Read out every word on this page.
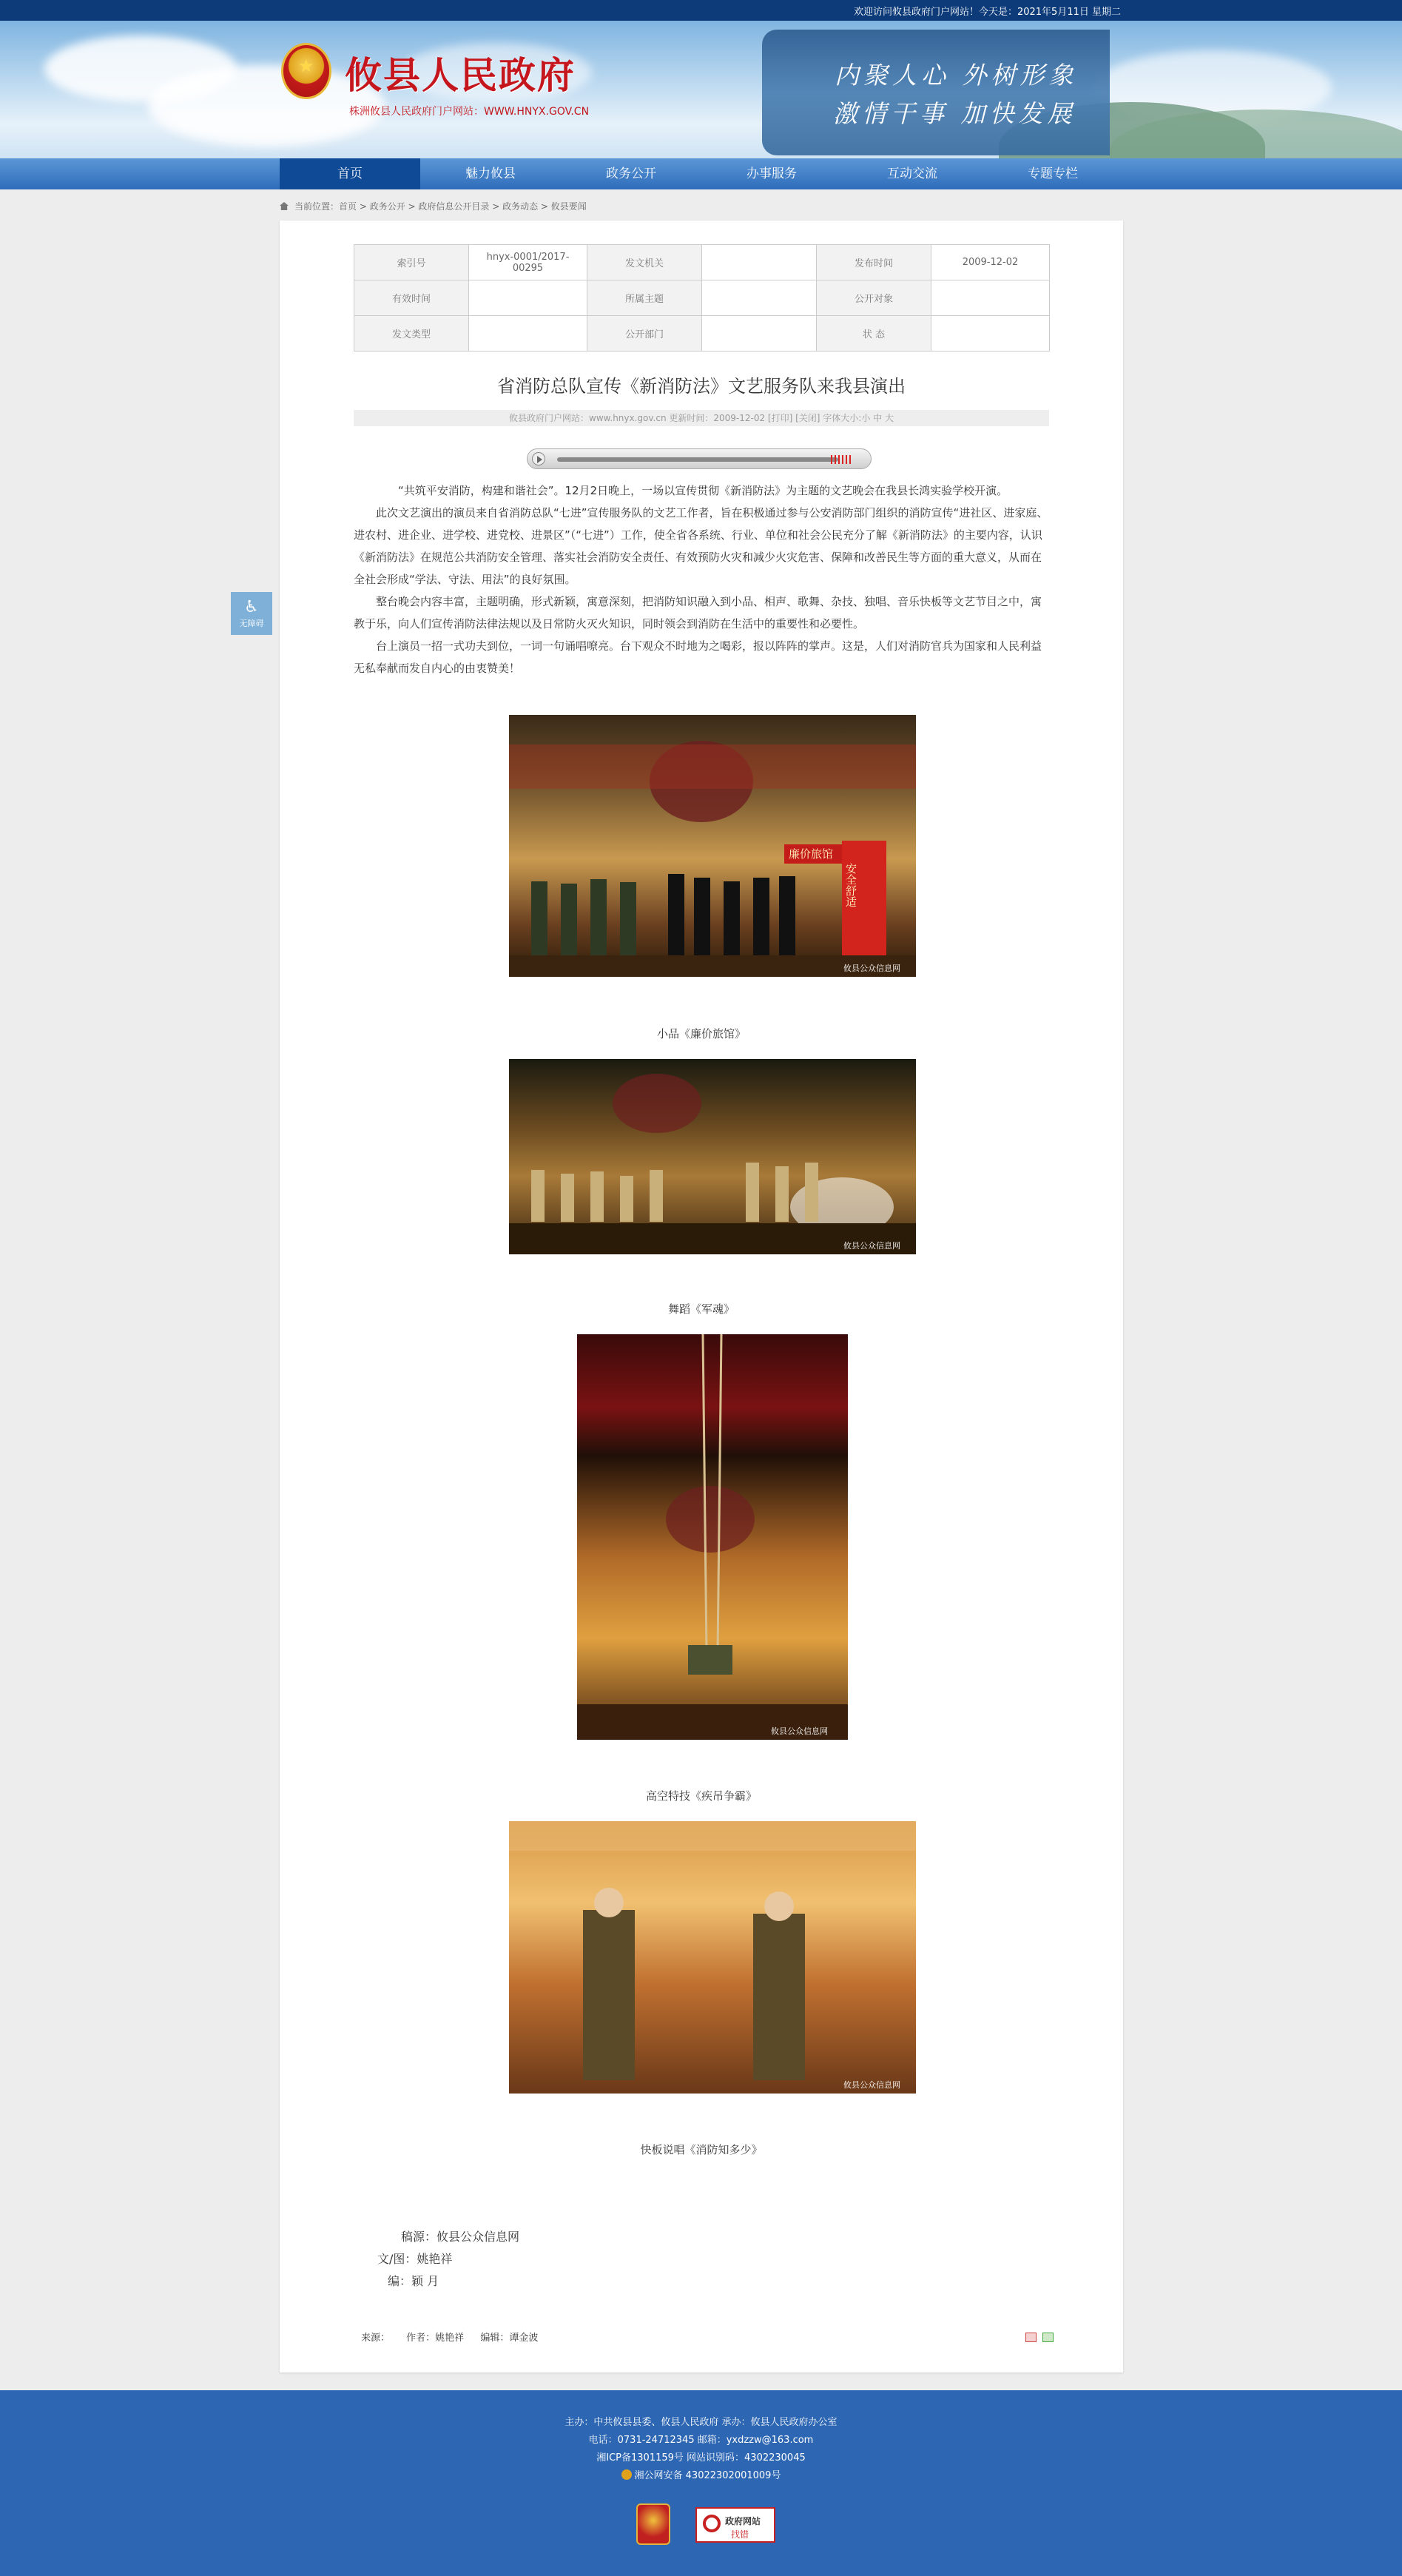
欢迎访问攸县政府门户网站！今天是：2021年5月11日 星期二
★
攸县人民政府
株洲攸县人民政府门户网站：WWW.HNYX.GOV.CN
内聚人心 外树形象
激情干事 加快发展
首页	魅力攸县	政务公开	办事服务	互动交流	专题专栏
当前位置：首页 > 政务公开 > 政府信息公开目录 > 政务动态 > 攸县要闻
♿
无障碍
索引号	hnyx-0001/2017-00295	发文机关		发布时间	2009-12-02
有效时间		所属主题		公开对象	
发文类型		公开部门		状 态	
省消防总队宣传《新消防法》文艺服务队来我县演出
攸县政府门户网站：www.hnyx.gov.cn 更新时间：2009-12-02 [打印] [关闭] 字体大小:小 中 大

“共筑平安消防，构建和谐社会”。12月2日晚上，一场以宣传贯彻《新消防法》为主题的文艺晚会在我县长鸿实验学校开演。

此次文艺演出的演员来自省消防总队“七进”宣传服务队的文艺工作者，旨在积极通过参与公安消防部门组织的消防宣传“进社区、进家庭、进农村、进企业、进学校、进党校、进景区”（“七进”）工作，使全省各系统、行业、单位和社会公民充分了解《新消防法》的主要内容，认识《新消防法》在规范公共消防安全管理、落实社会消防安全责任、有效预防火灾和减少火灾危害、保障和改善民生等方面的重大意义，从而在全社会形成“学法、守法、用法”的良好氛围。

整台晚会内容丰富，主题明确，形式新颖，寓意深刻，把消防知识融入到小品、相声、歌舞、杂技、独唱、音乐快板等文艺节目之中，寓教于乐，向人们宣传消防法律法规以及日常防火灭火知识，同时领会到消防在生活中的重要性和必要性。

台上演员一招一式功夫到位，一词一句诵唱嘹亮。台下观众不时地为之喝彩，报以阵阵的掌声。这是，人们对消防官兵为国家和人民利益无私奉献而发自内心的由衷赞美！

廉价旅馆
安全舒适
攸县公众信息网
小品《廉价旅馆》
攸县公众信息网
舞蹈《军魂》
攸县公众信息网
高空特技《疾吊争霸》
攸县公众信息网
快板说唱《消防知多少》
稿源：攸县公众信息网
文/图：姚艳祥
编：颖 月
来源： 作者：姚艳祥 编辑：谭金波
主办：中共攸县县委、攸县人民政府 承办：攸县人民政府办公室
电话：0731-24712345 邮箱：yxdzzw@163.com
湘ICP备1301159号 网站识别码：4302230045
湘公网安备 43022302001009号
政府网站
找错
